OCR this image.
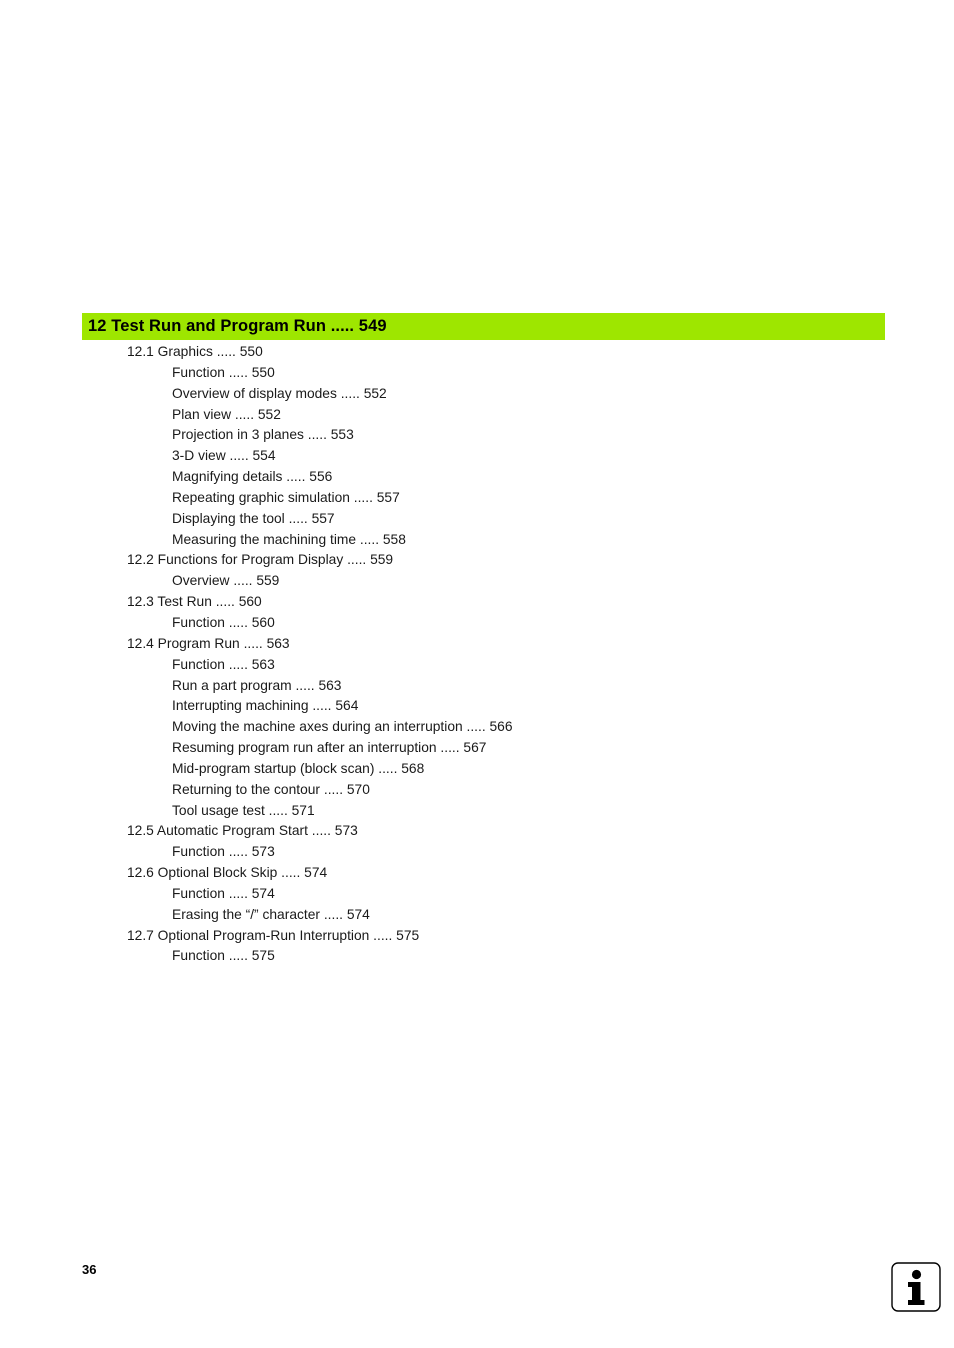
12 Test Run and Program Run ..... 549
12.1 Graphics ..... 550
Function ..... 550
Overview of display modes ..... 552
Plan view ..... 552
Projection in 3 planes ..... 553
3-D view ..... 554
Magnifying details ..... 556
Repeating graphic simulation ..... 557
Displaying the tool ..... 557
Measuring the machining time ..... 558
12.2 Functions for Program Display ..... 559
Overview ..... 559
12.3 Test Run ..... 560
Function ..... 560
12.4 Program Run ..... 563
Function ..... 563
Run a part program ..... 563
Interrupting machining ..... 564
Moving the machine axes during an interruption ..... 566
Resuming program run after an interruption ..... 567
Mid-program startup (block scan) ..... 568
Returning to the contour ..... 570
Tool usage test ..... 571
12.5 Automatic Program Start ..... 573
Function ..... 573
12.6 Optional Block Skip ..... 574
Function ..... 574
Erasing the “/” character ..... 574
12.7 Optional Program-Run Interruption ..... 575
Function ..... 575
36
